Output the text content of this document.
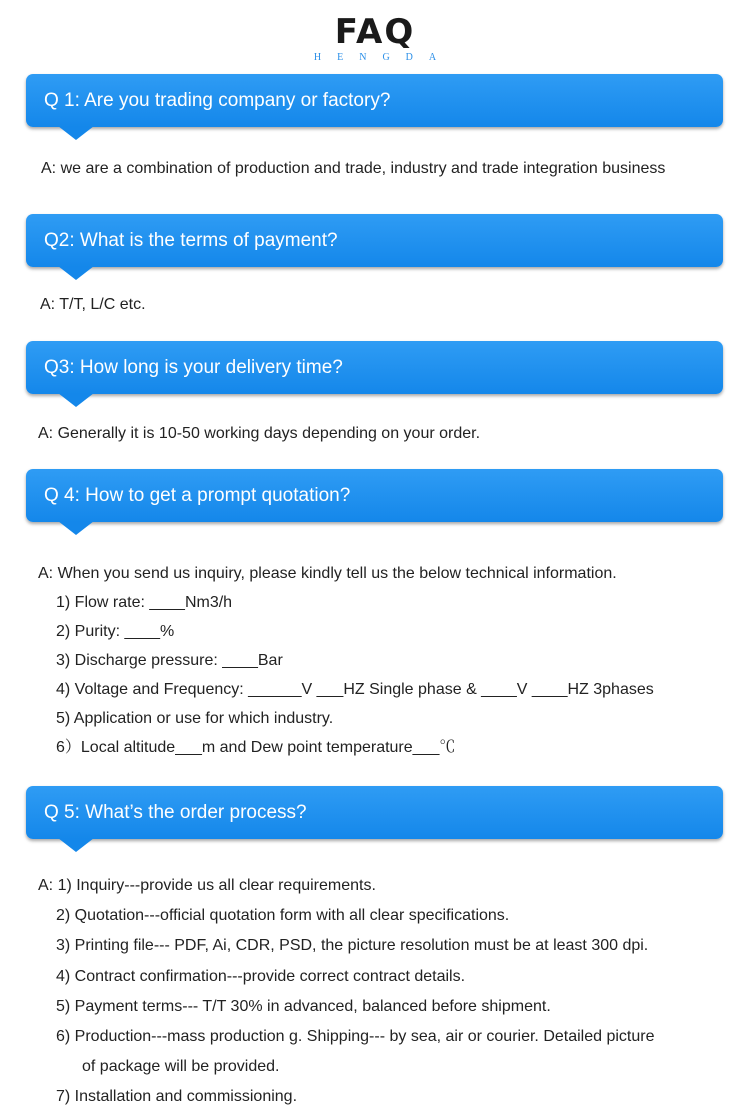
FAQ
HENGDA
Q 1: Are you trading company or factory?
A: we are a combination of production and trade, industry and trade integration business
Q2: What is the terms of payment?
A: T/T, L/C etc.
Q3: How long is your delivery time?
A: Generally it is 10-50 working days depending on your order.
Q 4: How to get a prompt quotation?
A: When you send us inquiry, please kindly tell us the below technical information.
1) Flow rate: ____Nm3/h
2) Purity: ____%
3) Discharge pressure: ____Bar
4) Voltage and Frequency: ______V ___HZ Single phase & ____V ____HZ 3phases
5) Application or use for which industry.
6）Local altitude___m and Dew point temperature___℃
Q 5: What’s the order process?
A: 1) Inquiry---provide us all clear requirements.
2) Quotation---official quotation form with all clear specifications.
3) Printing file--- PDF, Ai, CDR, PSD, the picture resolution must be at least 300 dpi.
4) Contract confirmation---provide correct contract details.
5) Payment terms--- T/T 30% in advanced, balanced before shipment.
6) Production---mass production g. Shipping--- by sea, air or courier. Detailed picture
of package will be provided.
7) Installation and commissioning.
